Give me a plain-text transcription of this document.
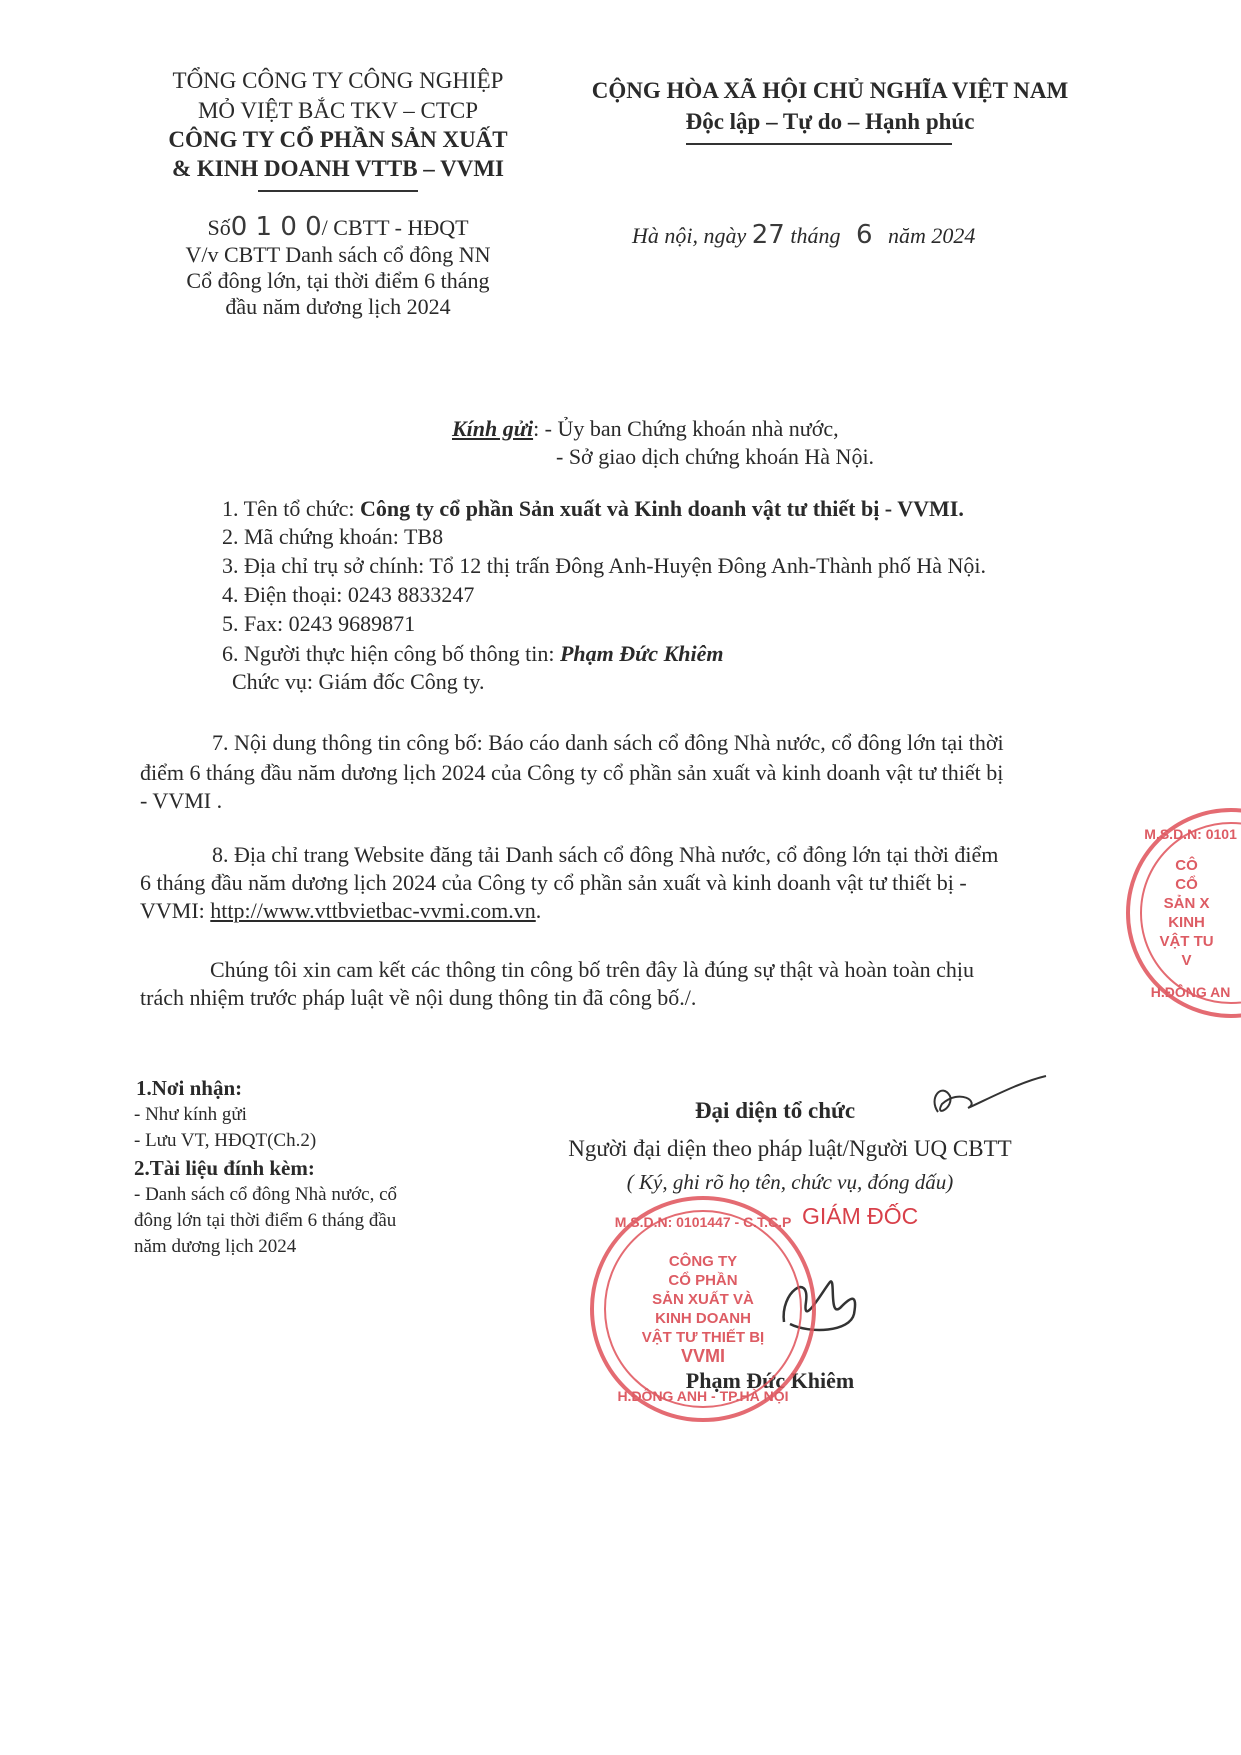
TỔNG CÔNG TY CÔNG NGHIỆP
MỎ VIỆT BẮC TKV – CTCP
CÔNG TY CỔ PHẦN SẢN XUẤT
& KINH DOANH VTTB – VVMI
CỘNG HÒA XÃ HỘI CHỦ NGHĨA VIỆT NAM
Độc lập – Tự do – Hạnh phúc
Số0 1 0 0/ CBTT - HĐQT
V/v CBTT Danh sách cổ đông NN
Cổ đông lớn, tại thời điểm 6 tháng
đầu năm dương lịch 2024
Hà nội, ngày 27 tháng 6 năm 2024
Kính gửi: - Ủy ban Chứng khoán nhà nước,
- Sở giao dịch chứng khoán Hà Nội.
1. Tên tổ chức: Công ty cổ phần Sản xuất và Kinh doanh vật tư thiết bị - VVMI.
2. Mã chứng khoán: TB8
3. Địa chỉ trụ sở chính: Tổ 12 thị trấn Đông Anh-Huyện Đông Anh-Thành phố Hà Nội.
4. Điện thoại: 0243 8833247
5. Fax: 0243 9689871
6. Người thực hiện công bố thông tin: Phạm Đức Khiêm
Chức vụ: Giám đốc Công ty.
7. Nội dung thông tin công bố: Báo cáo danh sách cổ đông Nhà nước, cổ đông lớn tại thời
điểm 6 tháng đầu năm dương lịch 2024 của Công ty cổ phần sản xuất và kinh doanh vật tư thiết bị
- VVMI .
8. Địa chỉ trang Website đăng tải Danh sách cổ đông Nhà nước, cổ đông lớn tại thời điểm
6 tháng đầu năm dương lịch 2024 của Công ty cổ phần sản xuất và kinh doanh vật tư thiết bị -
VVMI: http://www.vttbvietbac-vvmi.com.vn.
Chúng tôi xin cam kết các thông tin công bố trên đây là đúng sự thật và hoàn toàn chịu
trách nhiệm trước pháp luật về nội dung thông tin đã công bố./.
1.Nơi nhận:
- Như kính gửi
- Lưu VT, HĐQT(Ch.2)
2.Tài liệu đính kèm:
- Danh sách cổ đông Nhà nước, cổ
đông lớn tại thời điểm 6 tháng đầu
năm dương lịch 2024
Đại diện tổ chức
Người đại diện theo pháp luật/Người UQ CBTT
( Ký, ghi rõ họ tên, chức vụ, đóng dấu)
GIÁM ĐỐC
Phạm Đức Khiêm
M.S.D.N: 0101447 - C.T.C.P
CÔNG TY
CỔ PHẦN
SẢN XUẤT VÀ
KINH DOANH
VẬT TƯ THIẾT BỊ
VVMI
H.ĐÔNG ANH - TP.HÀ NỘI
M.S.D.N: 0101
CÔ
CỔ
SẢN X
KINH
VẬT TU
V
H.ĐÔNG AN
